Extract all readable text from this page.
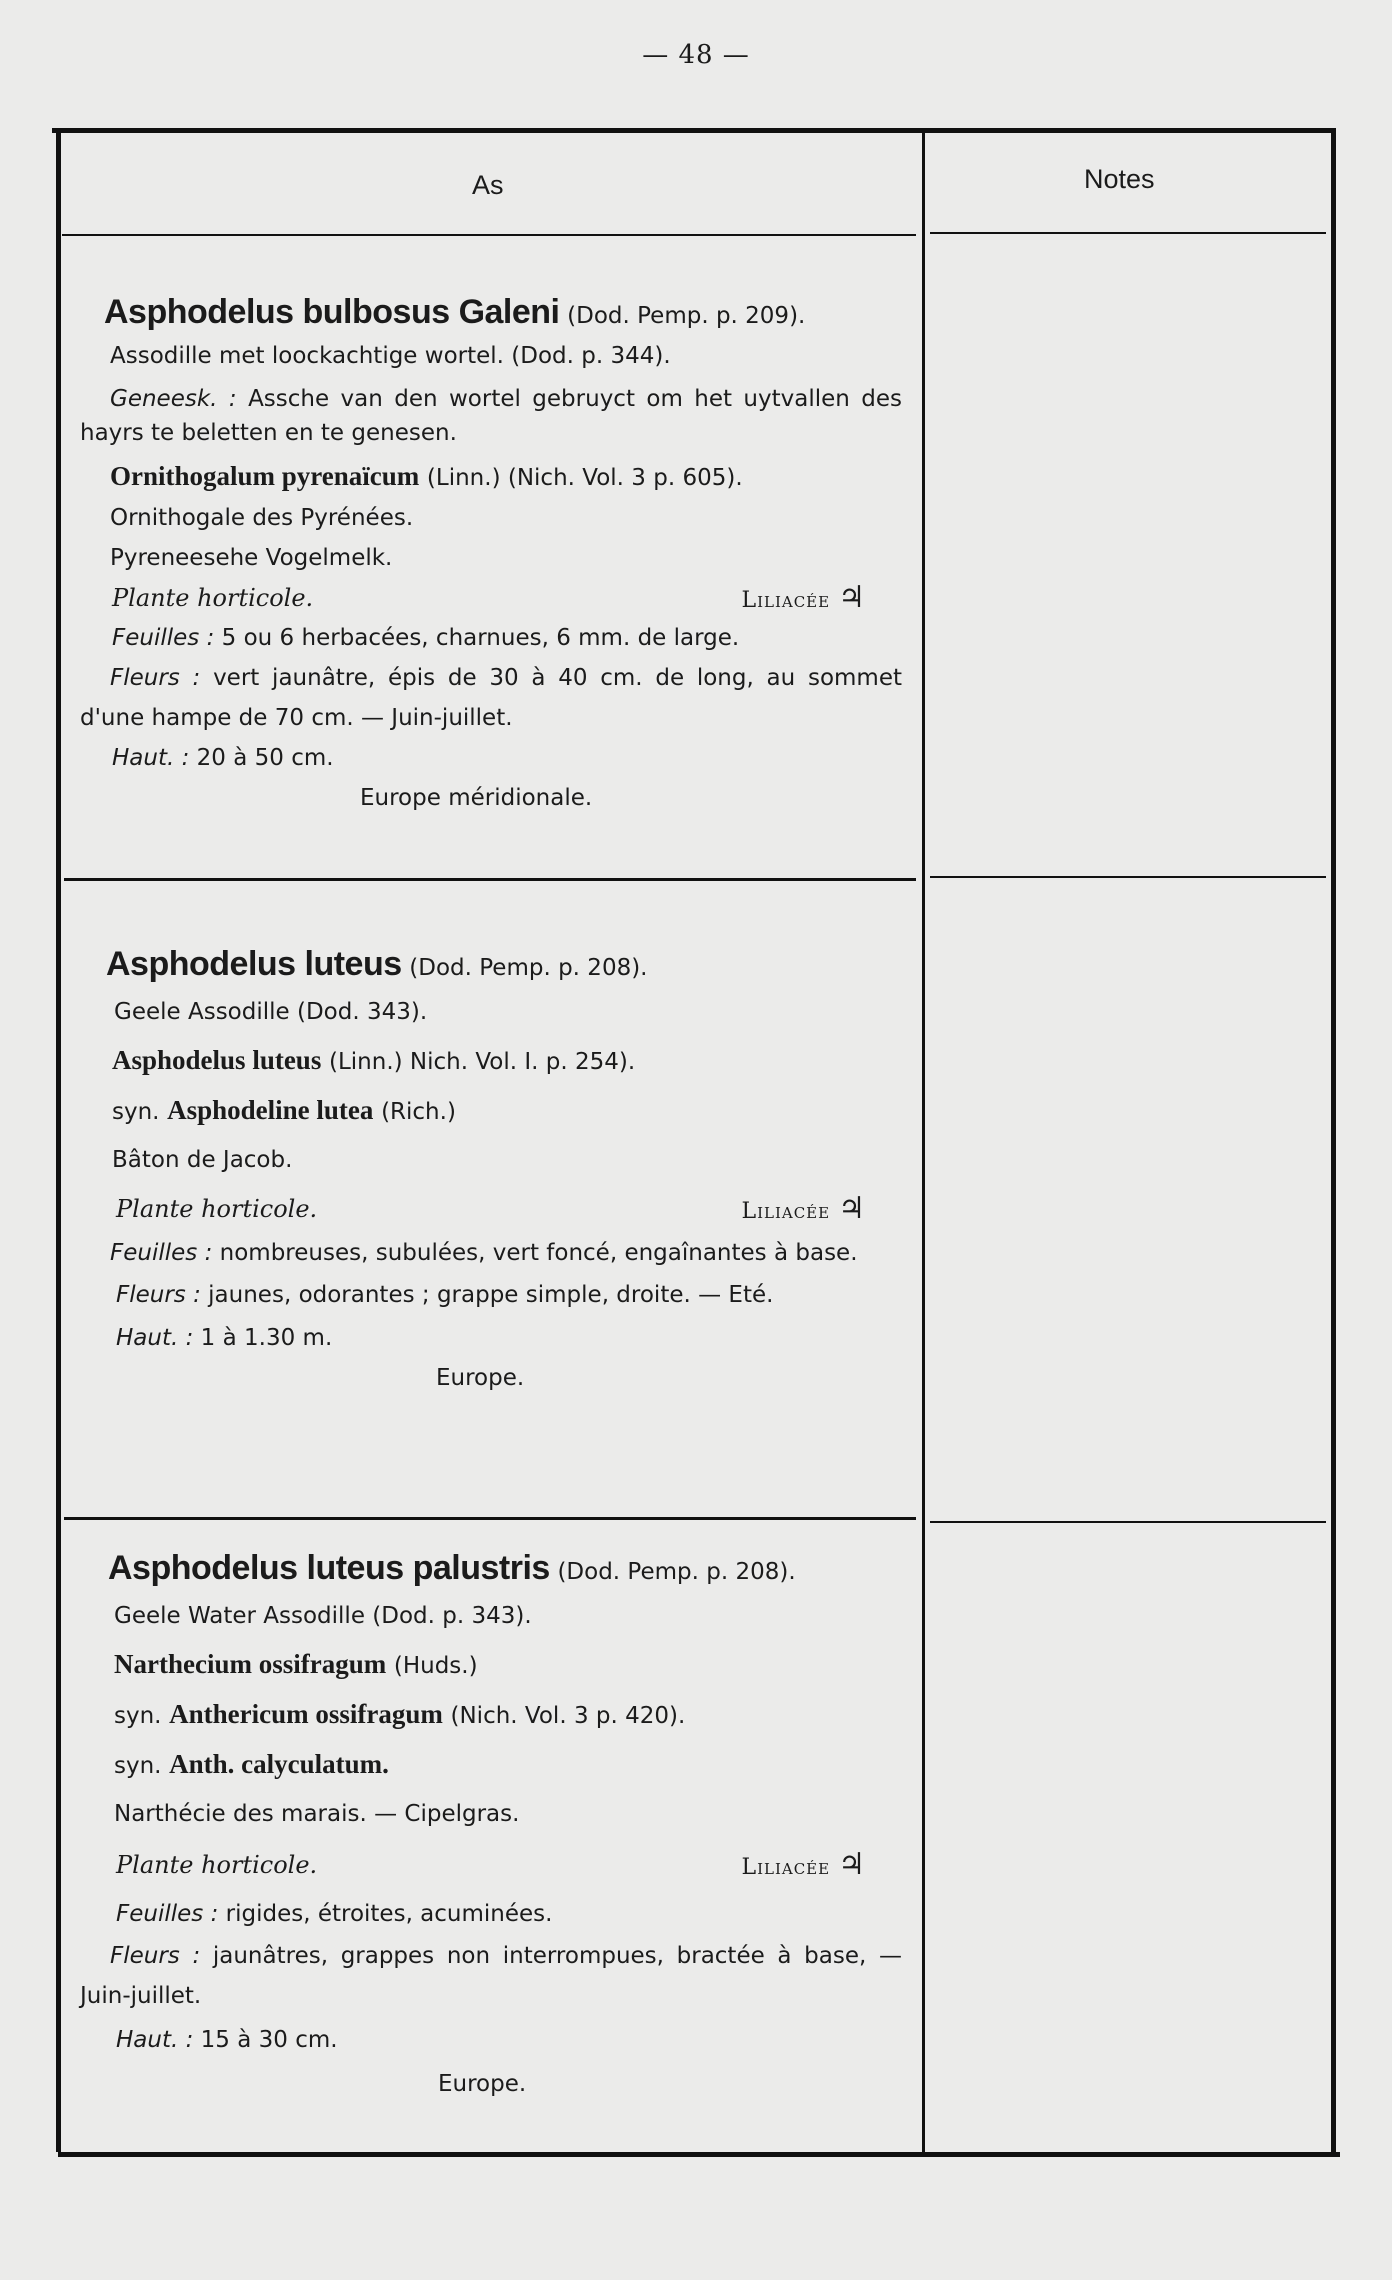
— 48 —
As	Notes
Asphodelus bulbosus Galeni (Dod. Pemp. p. 209).
Assodille met loockachtige wortel. (Dod. p. 344).
Geneesk. : Assche van den wortel gebruyct om het uytvallen des hayrs te beletten en te genesen.
Ornithogalum pyrenaïcum (Linn.) (Nich. Vol. 3 p. 605).
Ornithogale des Pyrénées.
Pyreneesehe Vogelmelk.
Plante horticole.	Liliacée ♃
Feuilles : 5 ou 6 herbacées, charnues, 6 mm. de large.
Fleurs : vert jaunâtre, épis de 30 à 40 cm. de long, au sommet d'une hampe de 70 cm. — Juin-juillet.
Haut. : 20 à 50 cm.
Europe méridionale.
Asphodelus luteus (Dod. Pemp. p. 208).
Geele Assodille (Dod. 343).
Asphodelus luteus (Linn.) Nich. Vol. I. p. 254).
syn. Asphodeline lutea (Rich.)
Bâton de Jacob.
Plante horticole.	Liliacée ♃
Feuilles : nombreuses, subulées, vert foncé, engaînantes à base.
Fleurs : jaunes, odorantes ; grappe simple, droite. — Eté.
Haut. : 1 à 1.30 m.
Europe.
Asphodelus luteus palustris (Dod. Pemp. p. 208).
Geele Water Assodille (Dod. p. 343).
Narthecium ossifragum (Huds.)
syn. Anthericum ossifragum (Nich. Vol. 3 p. 420).
syn. Anth. calyculatum.
Narthécie des marais. — Cipelgras.
Plante horticole.	Liliacée ♃
Feuilles : rigides, étroites, acuminées.
Fleurs : jaunâtres, grappes non interrompues, bractée à base, — Juin-juillet.
Haut. : 15 à 30 cm.
Europe.
